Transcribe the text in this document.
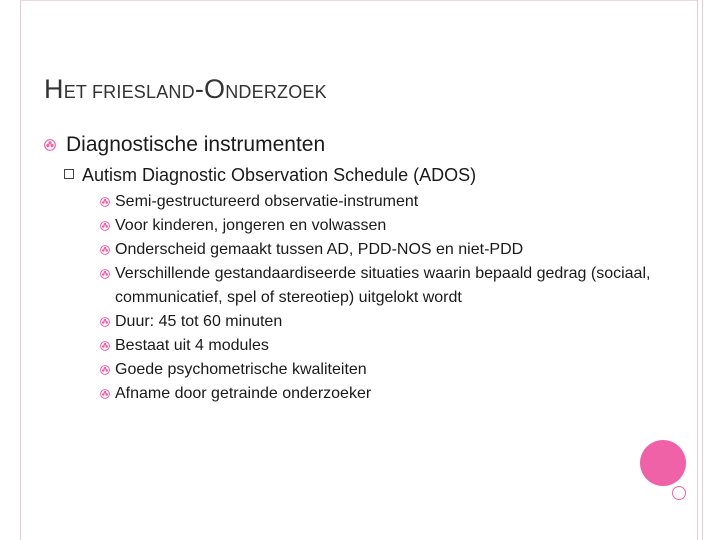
HET FRIESLAND-ONDERZOEK
Diagnostische instrumenten
Autism Diagnostic Observation Schedule (ADOS)
Semi-gestructureerd observatie-instrument
Voor kinderen, jongeren en volwassen
Onderscheid gemaakt tussen AD, PDD-NOS en niet-PDD
Verschillende gestandaardiseerde situaties waarin bepaald gedrag (sociaal, communicatief, spel of stereotiep) uitgelokt wordt
Duur: 45 tot 60 minuten
Bestaat uit 4 modules
Goede psychometrische kwaliteiten
Afname door getrainde onderzoeker
